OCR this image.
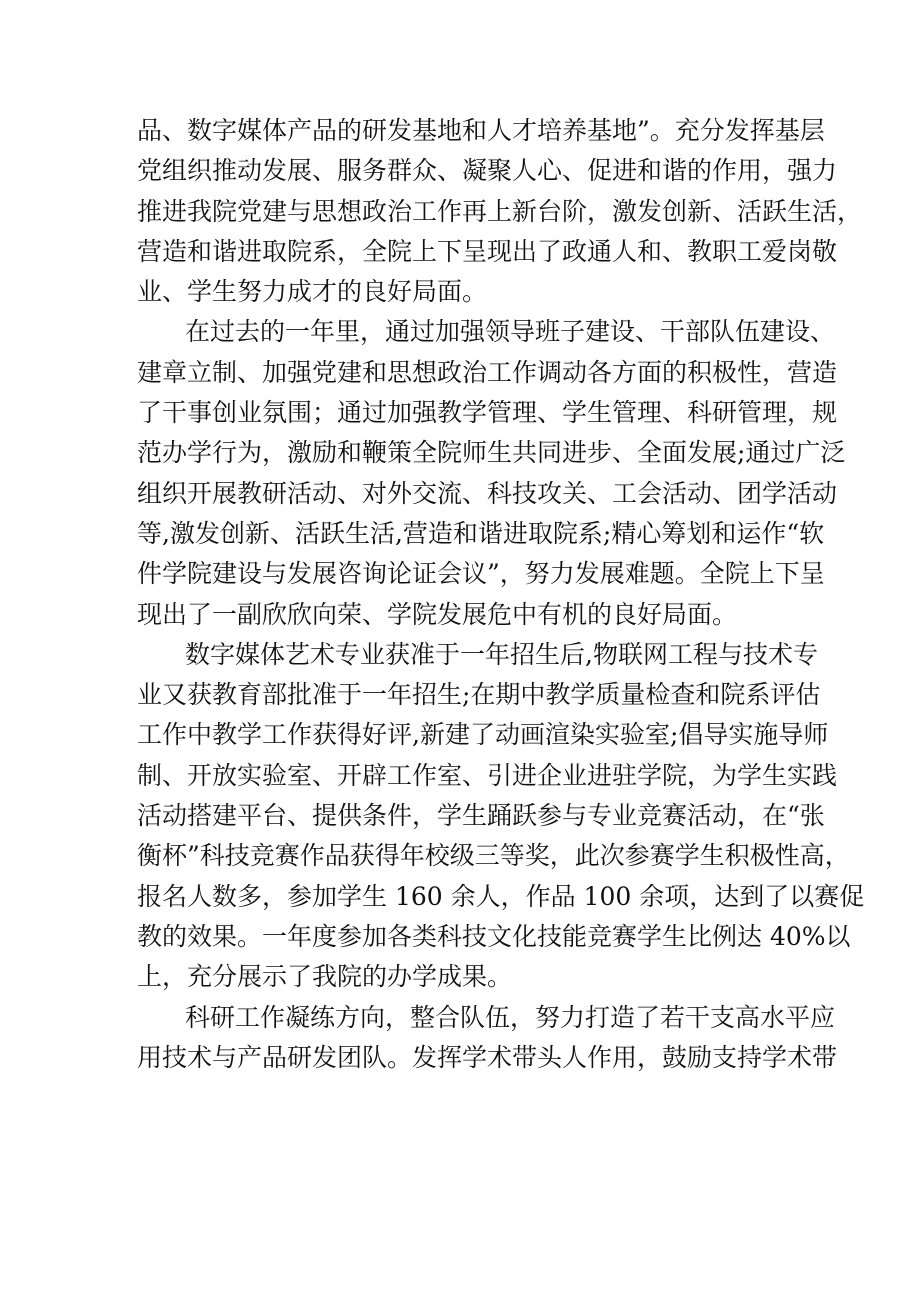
品、数字媒体产品的研发基地和人才培养基地”。充分发挥基层
党组织推动发展、服务群众、凝聚人心、促进和谐的作用，强力
推进我院党建与思想政治工作再上新台阶，激发创新、活跃生活，
营造和谐进取院系，全院上下呈现出了政通人和、教职工爱岗敬
业、学生努力成才的良好局面。
在过去的一年里，通过加强领导班子建设、干部队伍建设、
建章立制、加强党建和思想政治工作调动各方面的积极性，营造
了干事创业氛围；通过加强教学管理、学生管理、科研管理，规
范办学行为，激励和鞭策全院师生共同进步、全面发展;通过广泛
组织开展教研活动、对外交流、科技攻关、工会活动、团学活动
等,激发创新、活跃生活,营造和谐进取院系;精心筹划和运作“软
件学院建设与发展咨询论证会议”，努力发展难题。全院上下呈
现出了一副欣欣向荣、学院发展危中有机的良好局面。
数字媒体艺术专业获准于一年招生后,物联网工程与技术专
业又获教育部批准于一年招生;在期中教学质量检查和院系评估
工作中教学工作获得好评,新建了动画渲染实验室;倡导实施导师
制、开放实验室、开辟工作室、引进企业进驻学院，为学生实践
活动搭建平台、提供条件，学生踊跃参与专业竞赛活动，在“张
衡杯”科技竞赛作品获得年校级三等奖，此次参赛学生积极性高，
报名人数多，参加学生 160 余人，作品 100 余项，达到了以赛促
教的效果。一年度参加各类科技文化技能竞赛学生比例达 40%以
上，充分展示了我院的办学成果。
科研工作凝练方向，整合队伍，努力打造了若干支高水平应
用技术与产品研发团队。发挥学术带头人作用，鼓励支持学术带
